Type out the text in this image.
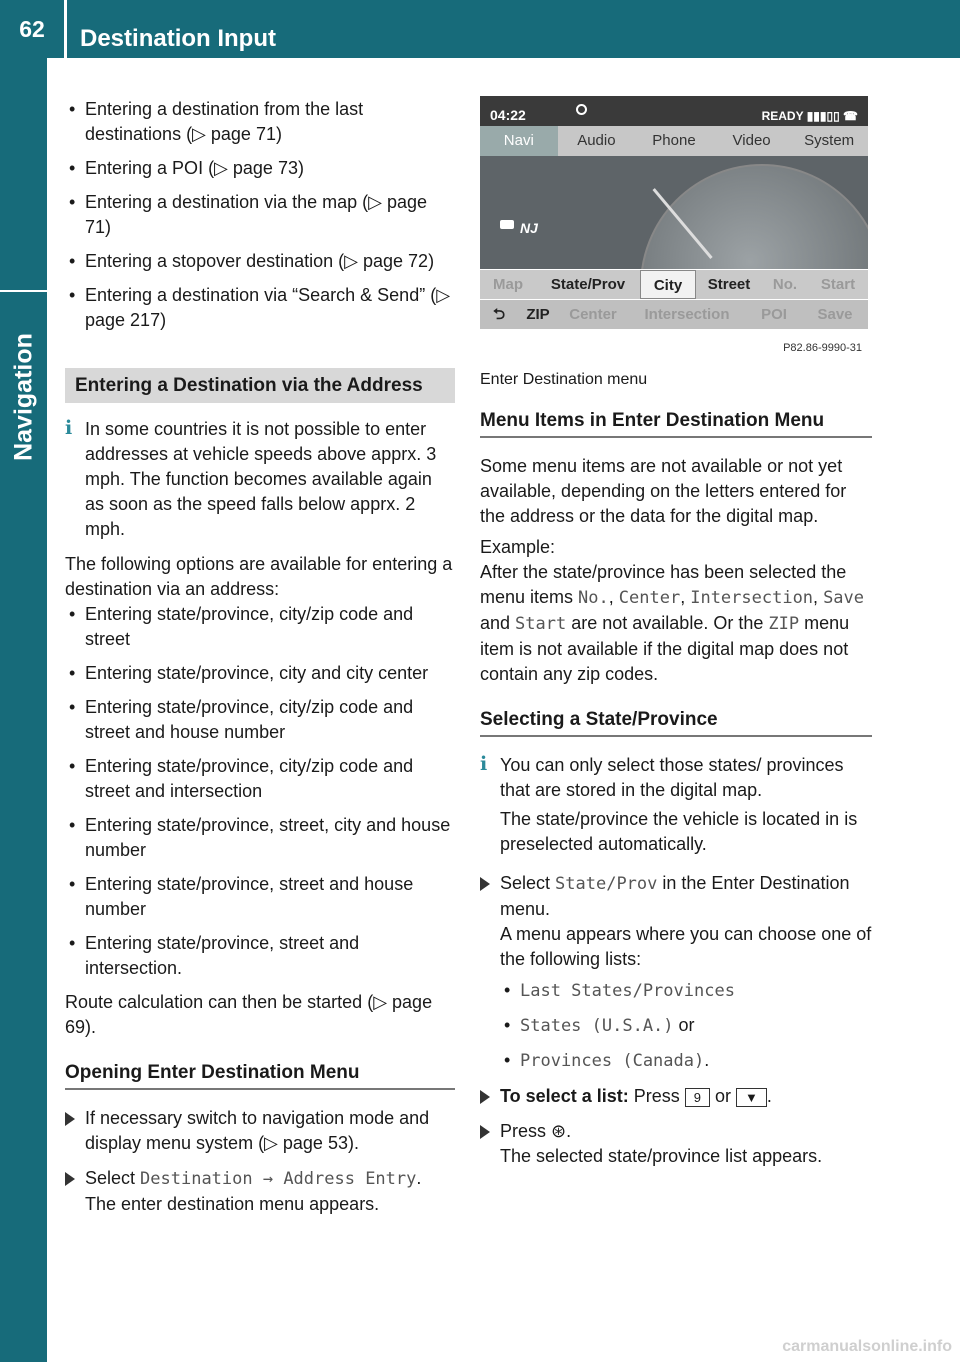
62	Destination Input
Navigation
• Entering a destination from the last destinations (▷ page 71)
• Entering a POI (▷ page 73)
• Entering a destination via the map (▷ page 71)
• Entering a stopover destination (▷ page 72)
• Entering a destination via “Search & Send” (▷ page 217)
Entering a Destination via the Address
i In some countries it is not possible to enter addresses at vehicle speeds above apprx. 3 mph. The function becomes available again as soon as the speed falls below apprx. 2 mph.
The following options are available for entering a destination via an address:
• Entering state/province, city/zip code and street
• Entering state/province, city and city center
• Entering state/province, city/zip code and street and house number
• Entering state/province, city/zip code and street and intersection
• Entering state/province, street, city and house number
• Entering state/province, street and house number
• Entering state/province, street and intersection.
Route calculation can then be started (▷ page 69).
Opening Enter Destination Menu
If necessary switch to navigation mode and display menu system (▷ page 53).
Select Destination → Address Entry.
The enter destination menu appears.
04:22	READY ▮▮▮▯▯ ☎
Navi	Audio	Phone	Video	System
NJ
Map	State/Prov	City	Street	No.	Start
⮌	ZIP	Center	Intersection	POI	Save
P82.86-9990-31
Enter Destination menu
Menu Items in Enter Destination Menu
Some menu items are not available or not yet available, depending on the letters entered for the address or the data for the digital map.
Example:
After the state/province has been selected the menu items No., Center, Intersection, Save and Start are not available. Or the ZIP menu item is not available if the digital map does not contain any zip codes.
Selecting a State/Province
i You can only select those states/ provinces that are stored in the digital map.
The state/province the vehicle is located in is preselected automatically.
Select State/Prov in the Enter Destination menu.
A menu appears where you can choose one of the following lists:
• Last States/Provinces
• States (U.S.A.) or
• Provinces (Canada).
To select a list: Press 9 or ▼ .
Press ⊛.
The selected state/province list appears.
carmanualsonline.info
